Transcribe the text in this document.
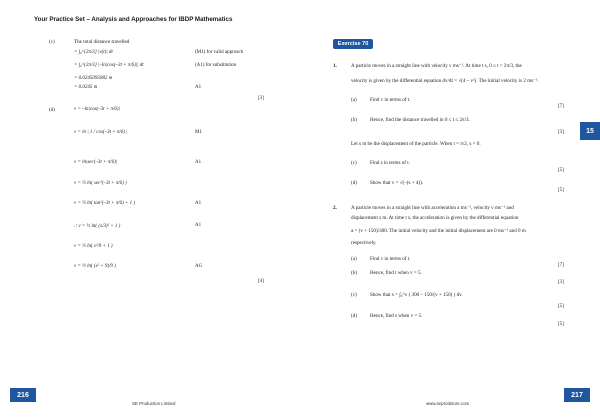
Your Practice Set – Analysis and Approaches for IBDP Mathematics
(c)	The total distance travelled
= ∫₀^{2π/3} |v(t)| dt	(M1) for valid approach
= ∫₀^{2π/3} |–ln|cos(–3t + π/6)|| dt	(A1) for substitution
= 0.0245095082 m
= 0.0245 m	A1
[3]
(d)	v = –ln|cos(–3t + π/6)|
v = ln | 1 / cos(–3t + π/6) |	M1
v = ln|sec(–3t + π/6)|	A1
v = ½ ln( sec²(–3t + π/6) )
v = ½ ln( tan²(–3t + π/6) + 1 )	A1
∴ v = ½ ln( (s/3)² + 1 )	A1
v = ½ ln( s²/9 + 1 )
v = ½ ln( (s² + 9)/9 )	AG
[4]
Exercise 70
1.	A particle moves in a straight line with velocity v ms⁻¹. At time t s, 0 ≤ t < 2π/3, the
velocity is given by the differential equation dv/dt = √(4 – v²). The initial velocity is 2 ms⁻¹.
(a)	Find v in terms of t.
[7]
(b)	Hence, find the distance travelled in 0 ≤ t ≤ 2π/3.
[3]
Let s m be the displacement of the particle. When t = π/2, s = 0.
(c)	Find s in terms of t.
[5]
(d)	Show that v = √(–(s + 4)).
[5]
2.	A particle moves in a straight line with acceleration a ms⁻², velocity v ms⁻¹ and
displacement s m. At time t s, the acceleration is given by the differential equation
a = (v + 150)/300. The initial velocity and the initial displacement are 0 ms⁻¹ and 0 m
respectively.
(a)	Find v in terms of t.
[7]
(b)	Hence, find t when v = 5.
[3]
(c)	Show that s = ∫₀^v ( 300 – 150/(v + 150) ) dv.
[5]
(d)	Hence, find s when v = 5.
[5]
15
216	217
SE Production Limited	www.seprodstore.com
